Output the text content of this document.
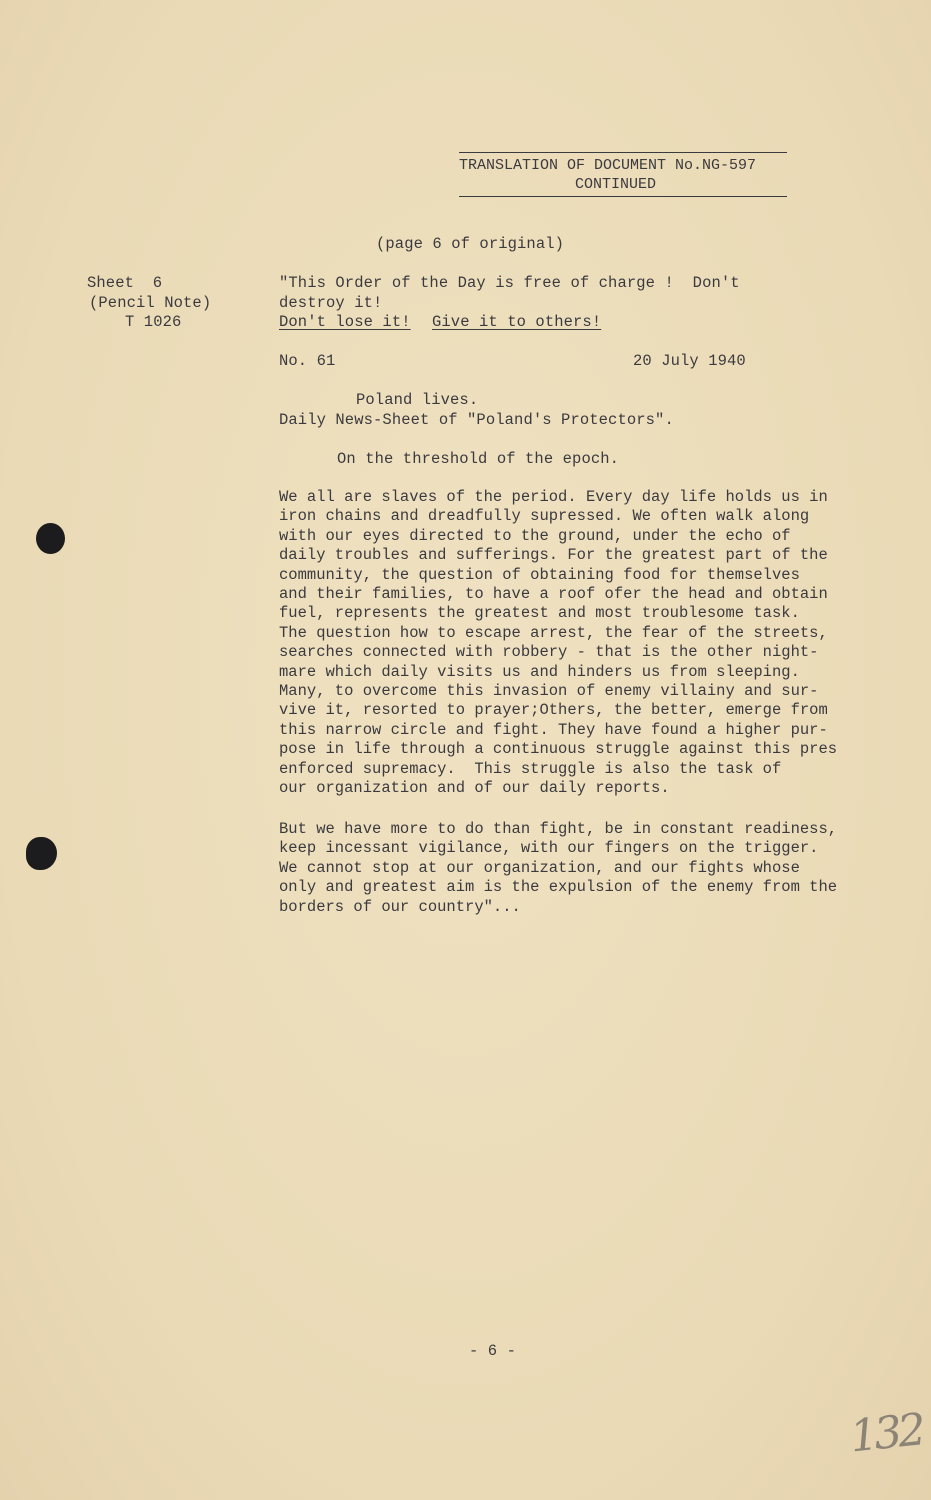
TRANSLATION OF DOCUMENT No.NG-597
CONTINUED
(page 6 of original)
Sheet  6
(Pencil Note)
T 1026
"This Order of the Day is free of charge !  Don't
destroy it!
Don't lose it! Give it to others!
No. 61	20 July 1940
Poland lives.
Daily News-Sheet of "Poland's Protectors".
On the threshold of the epoch.
We all are slaves of the period. Every day life holds us in
iron chains and dreadfully supressed. We often walk along
with our eyes directed to the ground, under the echo of
daily troubles and sufferings. For the greatest part of the
community, the question of obtaining food for themselves
and their families, to have a roof ofer the head and obtain
fuel, represents the greatest and most troublesome task.
The question how to escape arrest, the fear of the streets,
searches connected with robbery - that is the other night-
mare which daily visits us and hinders us from sleeping.
Many, to overcome this invasion of enemy villainy and sur-
vive it, resorted to prayer;Others, the better, emerge from
this narrow circle and fight. They have found a higher pur-
pose in life through a continuous struggle against this pres
enforced supremacy.  This struggle is also the task of
our organization and of our daily reports.
But we have more to do than fight, be in constant readiness,
keep incessant vigilance, with our fingers on the trigger.
We cannot stop at our organization, and our fights whose
only and greatest aim is the expulsion of the enemy from the
borders of our country"...
- 6 -
132
